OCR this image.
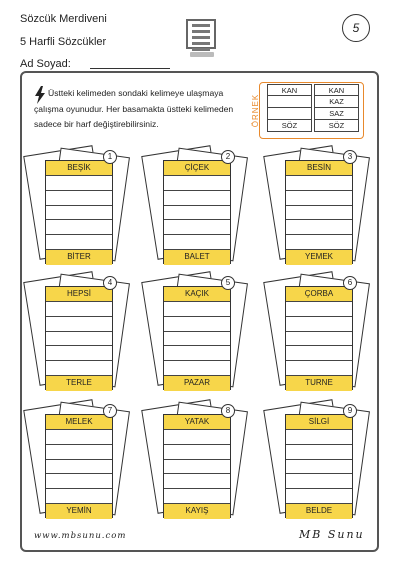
Sözcük Merdiveni
5 Harfli Sözcükler
Ad Soyad:
5
Üstteki kelimeden sondaki kelimeye ulaşmaya çalışma oyunudur. Her basamakta üstteki kelimeden sadece bir harf değiştirebilirsiniz.	ÖRNEK
KAN
SÖZ
KAN
KAZ
SAZ
SÖZ
BEŞİK
BİTER
1
ÇİÇEK
BALET
2
BESİN
YEMEK
3
HEPSİ
TERLE
4
KAÇIK
PAZAR
5
ÇORBA
TURNE
6
MELEK
YEMİN
7
YATAK
KAYIŞ
8
SİLGİ
BELDE
9
www.mbsunu.com	MB Sunu
